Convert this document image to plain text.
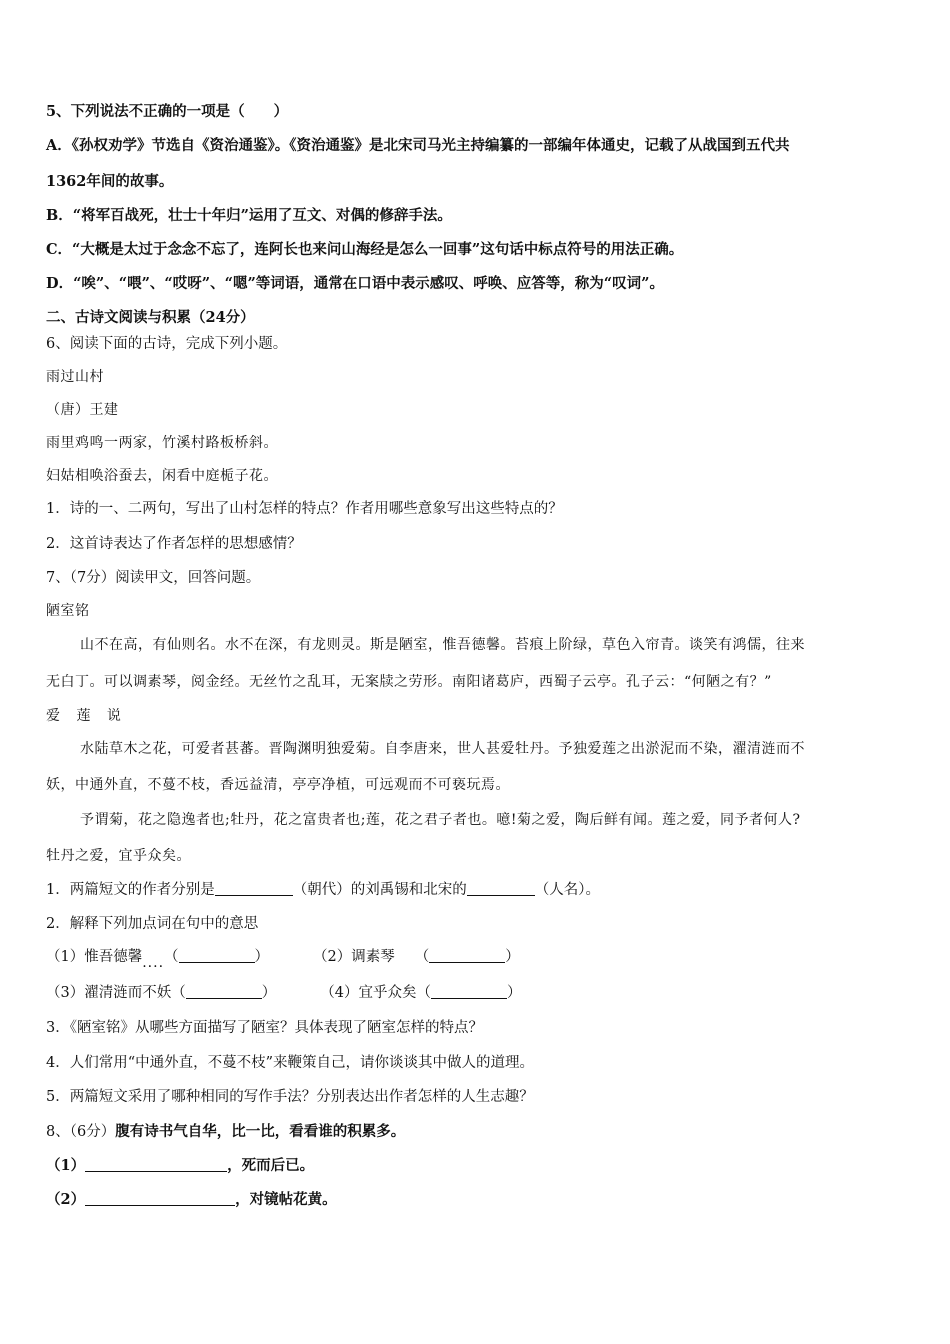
5、下列说法不正确的一项是（　　）
A．《孙权劝学》节选自《资治通鉴》。《资治通鉴》是北宋司马光主持编纂的一部编年体通史，记载了从战国到五代共
1362年间的故事。
B．“将军百战死，壮士十年归”运用了互文、对偶的修辞手法。
C．“大概是太过于念念不忘了，连阿长也来问山海经是怎么一回事”这句话中标点符号的用法正确。
D．“唉”、“喂”、“哎呀”、“嗯”等词语，通常在口语中表示感叹、呼唤、应答等，称为“叹词”。
二、古诗文阅读与积累（24分）
6、阅读下面的古诗，完成下列小题。
雨过山村
（唐）王建
雨里鸡鸣一两家，竹溪村路板桥斜。
妇姑相唤浴蚕去，闲看中庭栀子花。
1．诗的一、二两句，写出了山村怎样的特点？作者用哪些意象写出这些特点的？
2．这首诗表达了作者怎样的思想感情？
7、（7分）阅读甲文，回答问题。
陋室铭
山不在高，有仙则名。水不在深，有龙则灵。斯是陋室，惟吾德馨。苔痕上阶绿，草色入帘青。谈笑有鸿儒，往来
无白丁。可以调素琴，阅金经。无丝竹之乱耳，无案牍之劳形。南阳诸葛庐，西蜀子云亭。孔子云：“何陋之有？”
爱 莲 说
水陆草木之花，可爱者甚蕃。晋陶渊明独爱菊。自李唐来，世人甚爱牡丹。予独爱莲之出淤泥而不染，濯清涟而不
妖，中通外直，不蔓不枝，香远益清，亭亭净植，可远观而不可亵玩焉。
予谓菊，花之隐逸者也;牡丹，花之富贵者也;莲，花之君子者也。噫!菊之爱，陶后鲜有闻。莲之爱，同予者何人?
牡丹之爱，宜乎众矣。
1．两篇短文的作者分别是	（朝代）的刘禹锡和北宋的	（人名）。
2．解释下列加点词在句中的意思
（1）惟吾德馨....（	）	（2）调素琴 （	）
（3）濯清涟而不妖（	）	（4）宜乎众矣（	）
3．《陋室铭》从哪些方面描写了陋室？具体表现了陋室怎样的特点？
4．人们常用“中通外直，不蔓不枝”来鞭策自己，请你谈谈其中做人的道理。
5．两篇短文采用了哪种相同的写作手法？分别表达出作者怎样的人生志趣？
8、（6分）腹有诗书气自华，比一比，看看谁的积累多。
（1）	，死而后已。
（2）	，对镜帖花黄。
